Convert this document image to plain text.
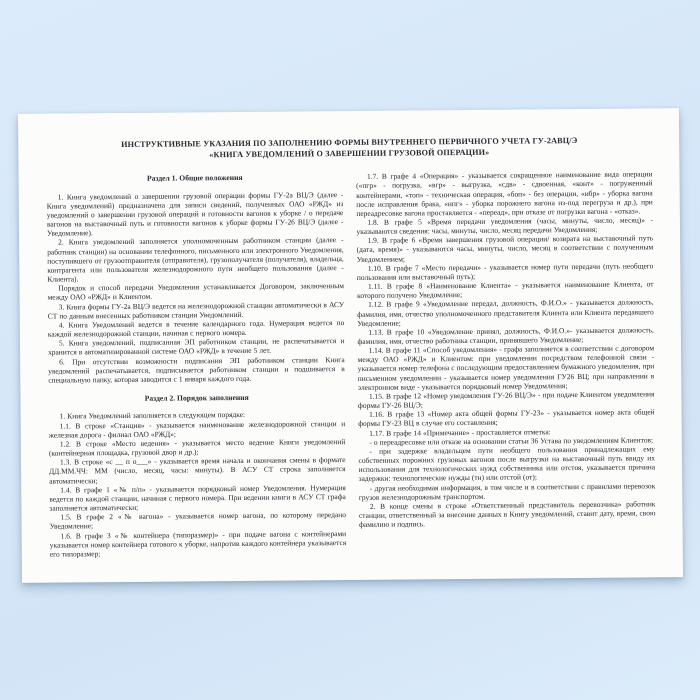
ИНСТРУКТИВНЫЕ УКАЗАНИЯ ПО ЗАПОЛНЕНИЮ ФОРМЫ ВНУТРЕННЕГО ПЕРВИЧНОГО УЧЕТА ГУ-2АВЦ/Э
«КНИГА УВЕДОМЛЕНИЙ О ЗАВЕРШЕНИИ ГРУЗОВОЙ ОПЕРАЦИИ»
Раздел 1. Общие положения

1. Книга уведомлений о завершении грузовой операции формы ГУ-2а ВЦ/Э (далее - Книга уведомлений) предназначена для записи сведений, полученных ОАО «РЖД» из уведомлений о завершении грузовой операций и готовности вагонов к уборке / о передаче вагонов на выставочный путь и готовности вагонов к уборке формы ГУ-26 ВЦ/Э (далее - Уведомление).

2. Книга уведомлений заполняется уполномоченным работником станции (далее - работник станции) на основании телефонного, письменного или электронного Уведомления, поступившего от грузоотправителя (отправителя), грузополучателя (получателя), владельца, контрагента или пользователя железнодорожного пути необщего пользования (далее - Клиента).

Порядок и способ передачи Уведомления устанавливается Договором, заключенным между ОАО «РЖД» и Клиентом.

3. Книга формы ГУ-2а ВЦ/Э ведется на железнодорожной станции автоматически в АСУ СТ по данным внесенных работником станции Уведомлений.

4. Книга Уведомлений ведется в течение календарного года. Нумерация ведется по каждой железнодорожной станции, начиная с первого номера.

5. Книга уведомлений, подписанная ЭП работником станции, не распечатывается и хранится в автоматизированной системе ОАО «РЖД» в течение 5 лет.

6. При отсутствии возможности подписания ЭП работником станции Книга уведомлений распечатывается, подписывается работником станции и подшивается в специальную папку, которая заводится с 1 января каждого года.

Раздел 2. Порядок заполнения

1. Книга Уведомлений заполняется в следующем порядке:

1.1. В строке «Станция» - указывается наименование железнодорожной станции и железная дорога - филиал ОАО «РЖД»;

1.2. В строке «Место ведения» - указывается место ведение Книги уведомлений (контейнерная площадка, грузовой двор и др.);

1.3. В строке «с __ п о___» - указывается время начала и окончания смены в формате ДД.ММ.ЧЧ: ММ (число, месяц, часы: минуты). В АСУ СТ строка заполняется автоматически;

1.4. В графе 1 «№ п/п» - указывается порядковый номер Уведомления. Нумерация ведется по каждой станции, начиная с первого номера. При ведении книги в АСУ СТ графа заполняется автоматически;

1.5. В графе 2 «№ вагона» - указывается номер вагона, по которому передано Уведомление;

1.6. В графе 3 «№ контейнера (типоразмер)» - при подаче вагона с контейнерами указывается номер контейнера готового к уборке, напротив каждого контейнера указывается его типоразмер;

1.7. В графе 4 «Операция» - указывается сокращенное наименование вида операции («пгр» - погрузка, «вгр» - выгрузка, «сдв» - сдвоенная, «конт» - погруженный контейнерами, «топ» - техническая операция, «боп» - без операции, «ибр» - уборка вагона после исправления брака, «ипг» - уборка порожнего вагона из-под перегруза и др.), при переадресовке вагона проставляется - «переад», при отказе от погрузки вагона - «отказ».

1.8. В графе 5 «Время передачи уведомления (часы, минуты, число, месяц)» - указываются сведения: часы, минуты, число, месяц передачи Уведомления;

1.9. В графе 6 «Время завершения грузовой операции/ возврата на выставочный путь (дата, время)» - указываются часы, минуты, число, месяц в соответствии с полученным Уведомлением;

1.10. В графе 7 «Место передачи» - указывается номер пути передачи (путь необщего пользования или выставочный путь);

1.11. В графе 8 «Наименование Клиента» - указывается наименование Клиента, от которого получено Уведомление;

1.12. В графе 9 «Уведомление передал, должность, Ф.И.О.» - указывается должность, фамилия, имя, отчество уполномоченного представителя Клиента или Клиента передавшего Уведомление;

1.13. В графе 10 «Уведомление принял, должность, Ф.И.О.»- указывается должность, фамилия, имя, отчество работника станции, принявшего Уведомление;

1.14. В графе 11 «Способ уведомления» - графа заполняется в соответствии с договором между ОАО «РЖД» и Клиентом: при уведомлении посредством телефонной связи - указывается номер телефона с последующим предоставлением бумажного уведомления, при письменном уведомлении - указывается номер уведомления ГУ26 ВЦ; при направлении в электронном виде - указывается порядковый номер Уведомления;

1.15. В графе 12 «Номер уведомления ГУ-26 ВЦ/Э» - при подаче Клиентом уведомления формы ГУ-26 ВЦ/Э;

1.16. В графе 13 «Номер акта общей формы ГУ-23» - указывается номер акта общей формы ГУ-23 ВЦ в случае его составления;

1.17. В графе 14 «Примечание» - проставляется отметка:

- о переадресовке или отказе на основании статьи 36 Устава по уведомлениям Клиентов;

- при задержке владельцем пути необщего пользования принадлежащих ему собственных порожних грузовых вагонов после выгрузки на выставочный путь ввиду их использования для технологических нужд собственника или отстоя, указывается причина задержки: технологические нужды (тн) или отстой (от);

- другая необходимая информация, в том числе и в соответствии с правилами перевозок грузов железнодорожным транспортом.

2. В конце смены в строке «Ответственный представитель перевозчика» работник станции, ответственный за внесение данных в Книгу уведомлений, ставит дату, время, свою фамилию и подпись.
